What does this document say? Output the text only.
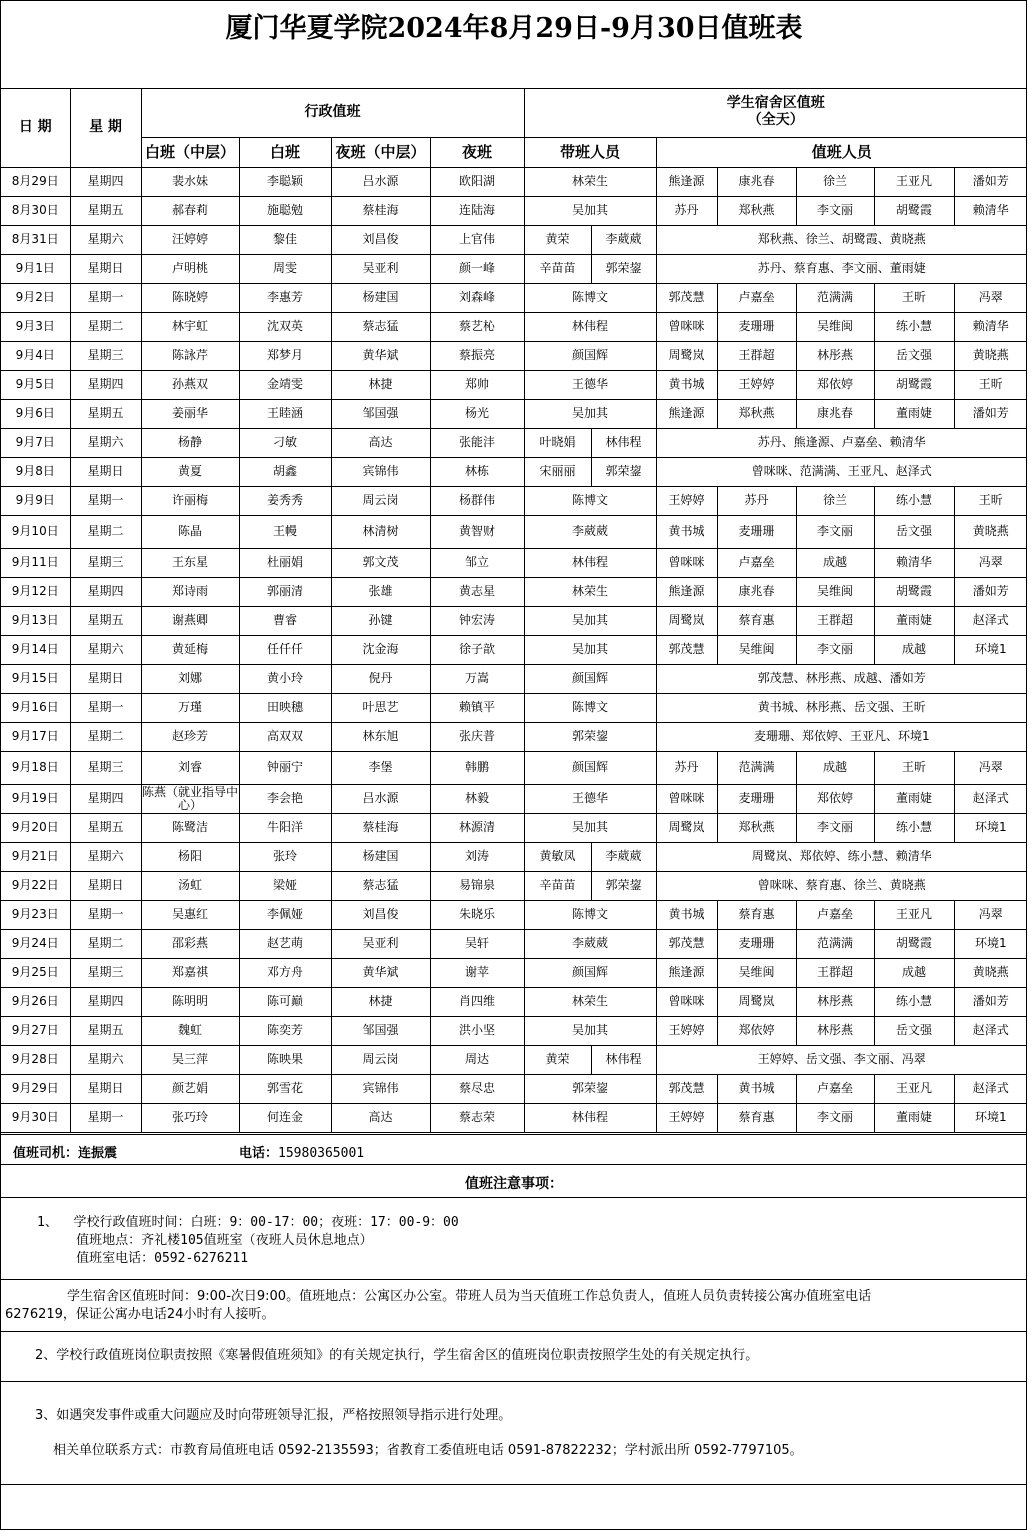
厦门华夏学院2024年8月29日-9月30日值班表
日 期	星 期	行政值班				学生宿舍区值班
（全天）						

		白班（中层）	白班	夜班（中层）	夜班	带班人员		值班人员				
8月29日	星期四	裴水妹	李聪颖	吕水源	欧阳湖	林荣生		熊逢源	康兆春	徐兰	王亚凡	潘如芳
8月30日	星期五	郝春莉	施聪勉	蔡桂海	连陆海	吴加其		苏丹	郑秋燕	李文丽	胡鹭霞	赖清华
8月31日	星期六	汪婷婷	黎佳	刘昌俊	上官伟	黄荣	李葳葳	郑秋燕、徐兰、胡鹭霞、黄晓燕				
9月1日	星期日	卢明桃	周雯	吴亚利	颜一峰	辛苗苗	郭荣鋆	苏丹、蔡育惠、李文丽、董雨婕				
9月2日	星期一	陈晓婷	李惠芳	杨建国	刘森峰	陈博文		郭茂慧	卢嘉垒	范满满	王昕	冯翠
9月3日	星期二	林宇虹	沈双英	蔡志猛	蔡艺杺	林伟程		曾咪咪	麦珊珊	吴维闽	练小慧	赖清华
9月4日	星期三	陈詠芹	郑梦月	黄华斌	蔡振亮	颜国辉		周鹭岚	王群超	林彤燕	岳文强	黄晓燕
9月5日	星期四	孙燕双	金靖雯	林捷	郑帅	王德华		黄书城	王婷婷	郑依婷	胡鹭霞	王昕
9月6日	星期五	姜丽华	王睦涵	邹国强	杨光	吴加其		熊逢源	郑秋燕	康兆春	董雨婕	潘如芳
9月7日	星期六	杨静	刁敏	高达	张能沣	叶晓娟	林伟程	苏丹、熊逢源、卢嘉垒、赖清华				
9月8日	星期日	黄夏	胡鑫	宾锦伟	林栋	宋丽丽	郭荣鋆	曾咪咪、范满满、王亚凡、赵泽式				
9月9日	星期一	许丽梅	姜秀秀	周云岗	杨群伟	陈博文		王婷婷	苏丹	徐兰	练小慧	王昕
9月10日	星期二	陈晶	王幔	林清树	黄智财	李葳葳		黄书城	麦珊珊	李文丽	岳文强	黄晓燕
9月11日	星期三	王东星	杜丽娟	郭文茂	邹立	林伟程		曾咪咪	卢嘉垒	成越	赖清华	冯翠
9月12日	星期四	郑诗雨	郭丽清	张雄	黄志星	林荣生		熊逢源	康兆春	吴维闽	胡鹭霞	潘如芳
9月13日	星期五	谢燕卿	曹睿	孙键	钟宏涛	吴加其		周鹭岚	蔡育惠	王群超	董雨婕	赵泽式
9月14日	星期六	黄延梅	任仟仟	沈金海	徐子歆	吴加其		郭茂慧	吴维闽	李文丽	成越	环境1
9月15日	星期日	刘娜	黄小玲	倪丹	万嵩	颜国辉		郭茂慧、林彤燕、成越、潘如芳				
9月16日	星期一	万瑾	田映穗	叶思艺	赖镇平	陈博文		黄书城、林彤燕、岳文强、王昕				
9月17日	星期二	赵珍芳	高双双	林东旭	张庆普	郭荣鋆		麦珊珊、郑依婷、王亚凡、环境1				
9月18日	星期三	刘睿	钟丽宁	李堡	韩鹏	颜国辉		苏丹	范满满	成越	王昕	冯翠
9月19日	星期四	陈燕（就业指导中心）	李会艳	吕水源	林毅	王德华		曾咪咪	麦珊珊	郑依婷	董雨婕	赵泽式
9月20日	星期五	陈鹭洁	牛阳洋	蔡桂海	林源清	吴加其		周鹭岚	郑秋燕	李文丽	练小慧	环境1
9月21日	星期六	杨阳	张玲	杨建国	刘涛	黄敏凤	李葳葳	周鹭岚、郑依婷、练小慧、赖清华				
9月22日	星期日	汤虹	梁娅	蔡志猛	易锦泉	辛苗苗	郭荣鋆	曾咪咪、蔡育惠、徐兰、黄晓燕				
9月23日	星期一	吴惠红	李佩娅	刘昌俊	朱晓乐	陈博文		黄书城	蔡育惠	卢嘉垒	王亚凡	冯翠
9月24日	星期二	邵彩燕	赵艺萌	吴亚利	吴轩	李葳葳		郭茂慧	麦珊珊	范满满	胡鹭霞	环境1
9月25日	星期三	郑嘉祺	邓方舟	黄华斌	谢苹	颜国辉		熊逢源	吴维闽	王群超	成越	黄晓燕
9月26日	星期四	陈明明	陈可巅	林捷	肖四维	林荣生		曾咪咪	周鹭岚	林彤燕	练小慧	潘如芳
9月27日	星期五	魏虹	陈奕芳	邹国强	洪小坚	吴加其		王婷婷	郑依婷	林彤燕	岳文强	赵泽式
9月28日	星期六	吴三萍	陈映果	周云岗	周达	黄荣	林伟程	王婷婷、岳文强、李文丽、冯翠				
9月29日	星期日	颜艺娟	郭雪花	宾锦伟	蔡尽忠	郭荣鋆		郭茂慧	黄书城	卢嘉垒	王亚凡	赵泽式
9月30日	星期一	张巧玲	何连金	高达	蔡志荣	林伟程		王婷婷	蔡育惠	李文丽	董雨婕	环境1
值班司机：连振震	电话：15980365001
值班注意事项：
1、  学校行政值班时间：白班：9：00-17：00；夜班：17：00-9：00
值班地点：齐礼楼105值班室（夜班人员休息地点）
值班室电话：0592-6276211
学生宿舍区值班时间：9:00-次日9:00。值班地点：公寓区办公室。带班人员为当天值班工作总负责人，值班人员负责转接公寓办值班室电话
6276219，保证公寓办电话24小时有人接听。
2、学校行政值班岗位职责按照《寒暑假值班须知》的有关规定执行，学生宿舍区的值班岗位职责按照学生处的有关规定执行。
3、如遇突发事件或重大问题应及时向带班领导汇报，严格按照领导指示进行处理。
相关单位联系方式：市教育局值班电话 0592-2135593；省教育工委值班电话 0591-87822232；学村派出所 0592-7797105。
